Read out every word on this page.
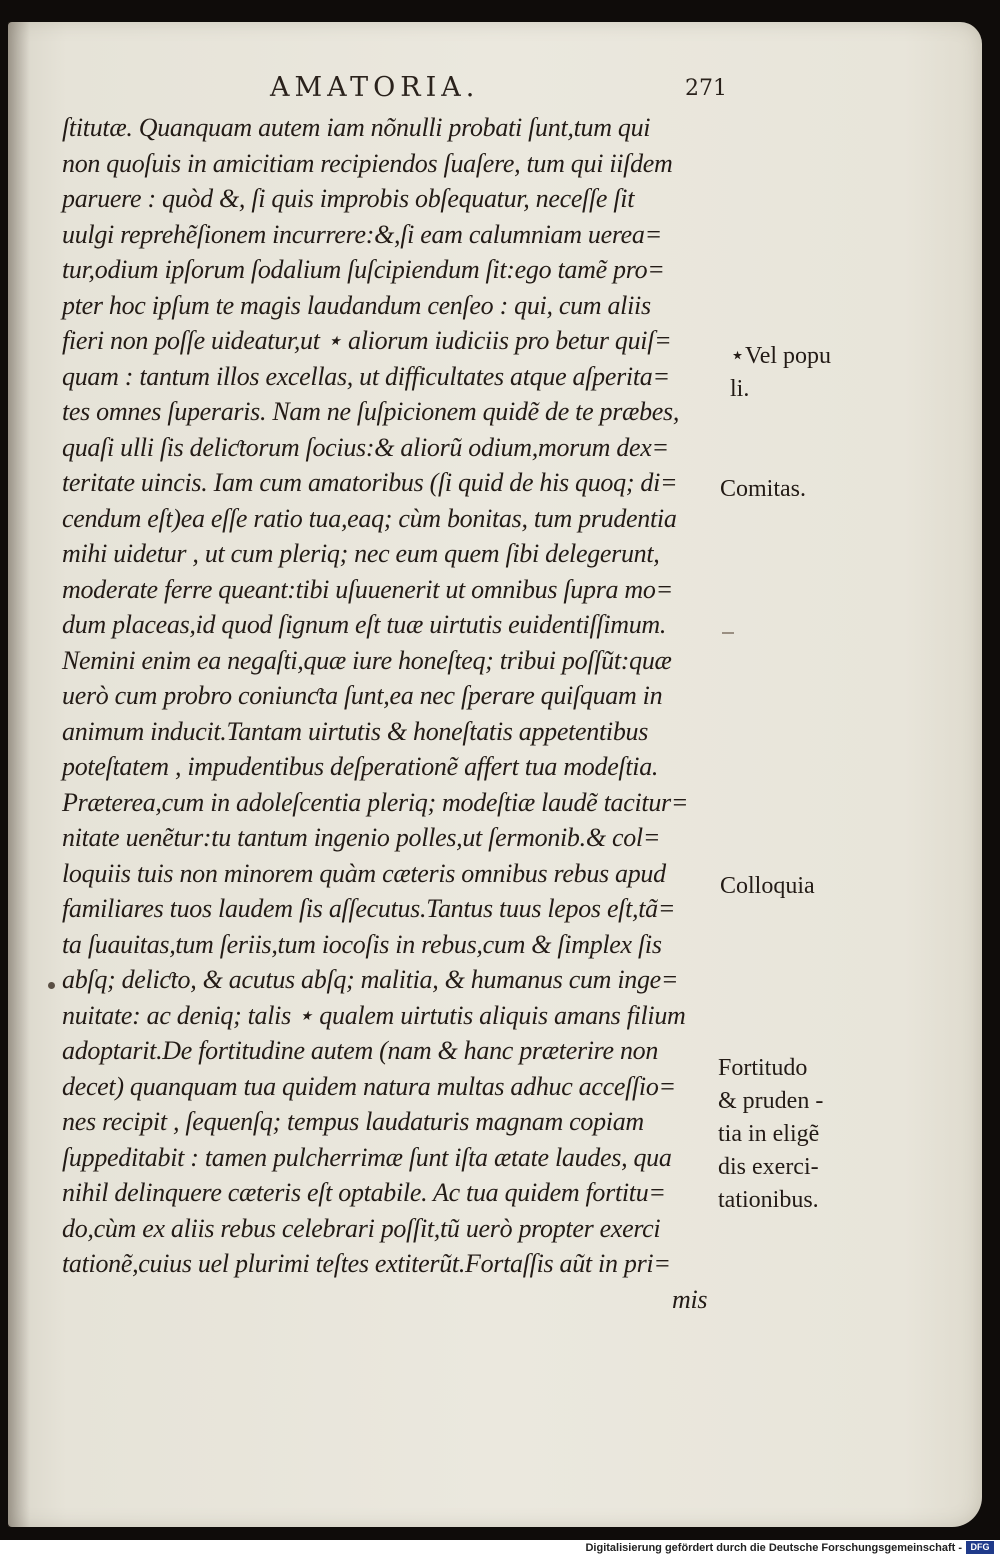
AMATORIA.	271
ſtitutæ. Quanquam autem iam nõnulli probati ſunt,tum qui
non quoſuis in amicitiam recipiendos ſuaſere, tum qui iiſdem
paruere : quòd &, ſi quis improbis obſequatur, neceſſe ſit
uulgi reprehẽſionem incurrere:&,ſi eam calumniam uerea=
tur,odium ipſorum ſodalium ſuſcipiendum ſit:ego tamẽ pro=
pter hoc ipſum te magis laudandum cenſeo : qui, cum aliis
fieri non poſſe uideatur,ut ⋆ aliorum iudiciis pro betur quiſ=
quam : tantum illos excellas, ut difficultates atque aſperita=
tes omnes ſuperaris. Nam ne ſuſpicionem quidẽ de te præbes,
quaſi ulli ſis deliƈtorum ſocius:& aliorũ odium,morum dex=
teritate uincis. Iam cum amatoribus (ſi quid de his quoq; di=
cendum eſt)ea eſſe ratio tua,eaq; cùm bonitas, tum prudentia
mihi uidetur , ut cum pleriq; nec eum quem ſibi delegerunt,
moderate ferre queant:tibi uſuuenerit ut omnibus ſupra mo=
dum placeas,id quod ſignum eſt tuæ uirtutis euidentiſſimum.
Nemini enim ea negaſti,quæ iure honeſteq; tribui poſſũt:quæ
uerò cum probro coniunƈta ſunt,ea nec ſperare quiſquam in
animum inducit.Tantam uirtutis & honeſtatis appetentibus
poteſtatem , impudentibus deſperationẽ affert tua modeſtia.
Præterea,cum in adoleſcentia pleriq; modeſtiæ laudẽ tacitur=
nitate uenẽtur:tu tantum ingenio polles,ut ſermonib.& col=
loquiis tuis non minorem quàm cæteris omnibus rebus apud
familiares tuos laudem ſis aſſecutus.Tantus tuus lepos eſt,tã=
ta ſuauitas,tum ſeriis,tum iocoſis in rebus,cum & ſimplex ſis
abſq; deliƈto, & acutus abſq; malitia, & humanus cum inge=
nuitate: ac deniq; talis ⋆ qualem uirtutis aliquis amans filium
adoptarit.De fortitudine autem (nam & hanc præterire non
decet) quanquam tua quidem natura multas adhuc acceſſio=
nes recipit , ſequenſq; tempus laudaturis magnam copiam
ſuppeditabit : tamen pulcherrimæ ſunt iſta ætate laudes, qua
nihil delinquere cæteris eſt optabile. Ac tua quidem fortitu=
do,cùm ex aliis rebus celebrari poſſit,tũ uerò propter exerci
tationẽ,cuius uel plurimi teſtes extiterũt.Fortaſſis aũt in pri=
mis
⋆Vel popu
li.
Comitas.
Colloquia
Fortitudo
& pruden -
tia in eligẽ
dis exerci-
tationibus.
Digitalisierung gefördert durch die Deutsche Forschungsgemeinschaft - DFG
